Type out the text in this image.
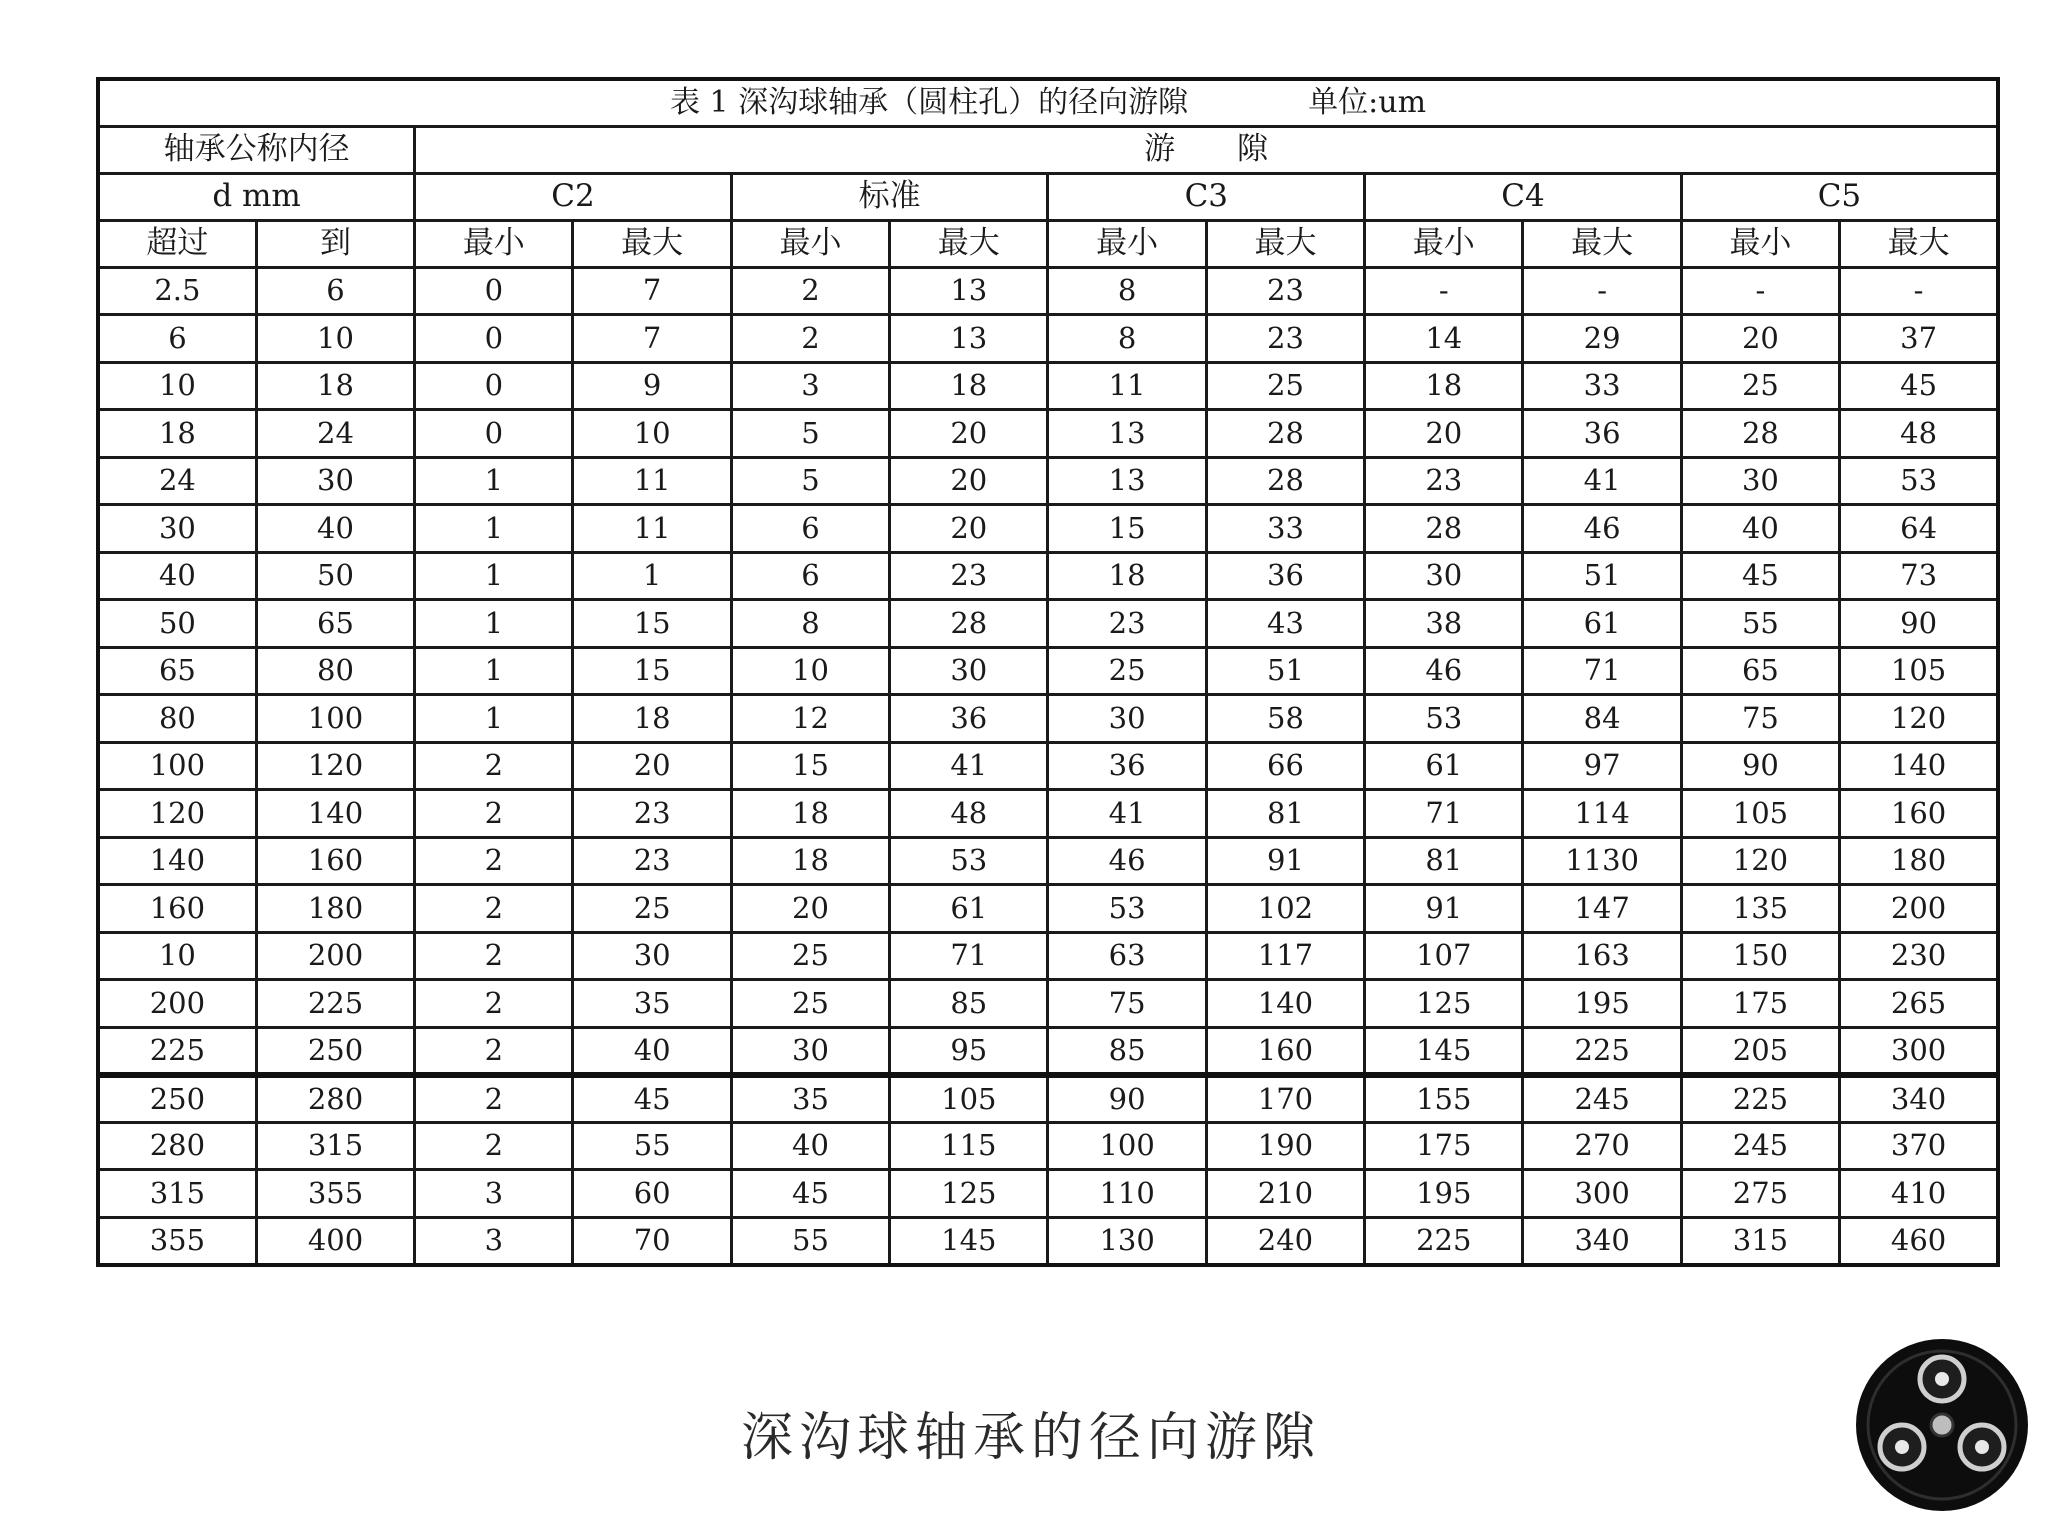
表 1 深沟球轴承（圆柱孔）的径向游隙 单位:um											
轴承公称内径		游　　隙									
d mm		C2		标准		C3		C4		C5	
超过	到	最小	最大	最小	最大	最小	最大	最小	最大	最小	最大
2.5	6	0	7	2	13	8	23	-	-	-	-
6	10	0	7	2	13	8	23	14	29	20	37
10	18	0	9	3	18	11	25	18	33	25	45
18	24	0	10	5	20	13	28	20	36	28	48
24	30	1	11	5	20	13	28	23	41	30	53
30	40	1	11	6	20	15	33	28	46	40	64
40	50	1	1	6	23	18	36	30	51	45	73
50	65	1	15	8	28	23	43	38	61	55	90
65	80	1	15	10	30	25	51	46	71	65	105
80	100	1	18	12	36	30	58	53	84	75	120
100	120	2	20	15	41	36	66	61	97	90	140
120	140	2	23	18	48	41	81	71	114	105	160
140	160	2	23	18	53	46	91	81	1130	120	180
160	180	2	25	20	61	53	102	91	147	135	200
10	200	2	30	25	71	63	117	107	163	150	230
200	225	2	35	25	85	75	140	125	195	175	265
225	250	2	40	30	95	85	160	145	225	205	300
250	280	2	45	35	105	90	170	155	245	225	340
280	315	2	55	40	115	100	190	175	270	245	370
315	355	3	60	45	125	110	210	195	300	275	410
355	400	3	70	55	145	130	240	225	340	315	460
深沟球轴承的径向游隙
